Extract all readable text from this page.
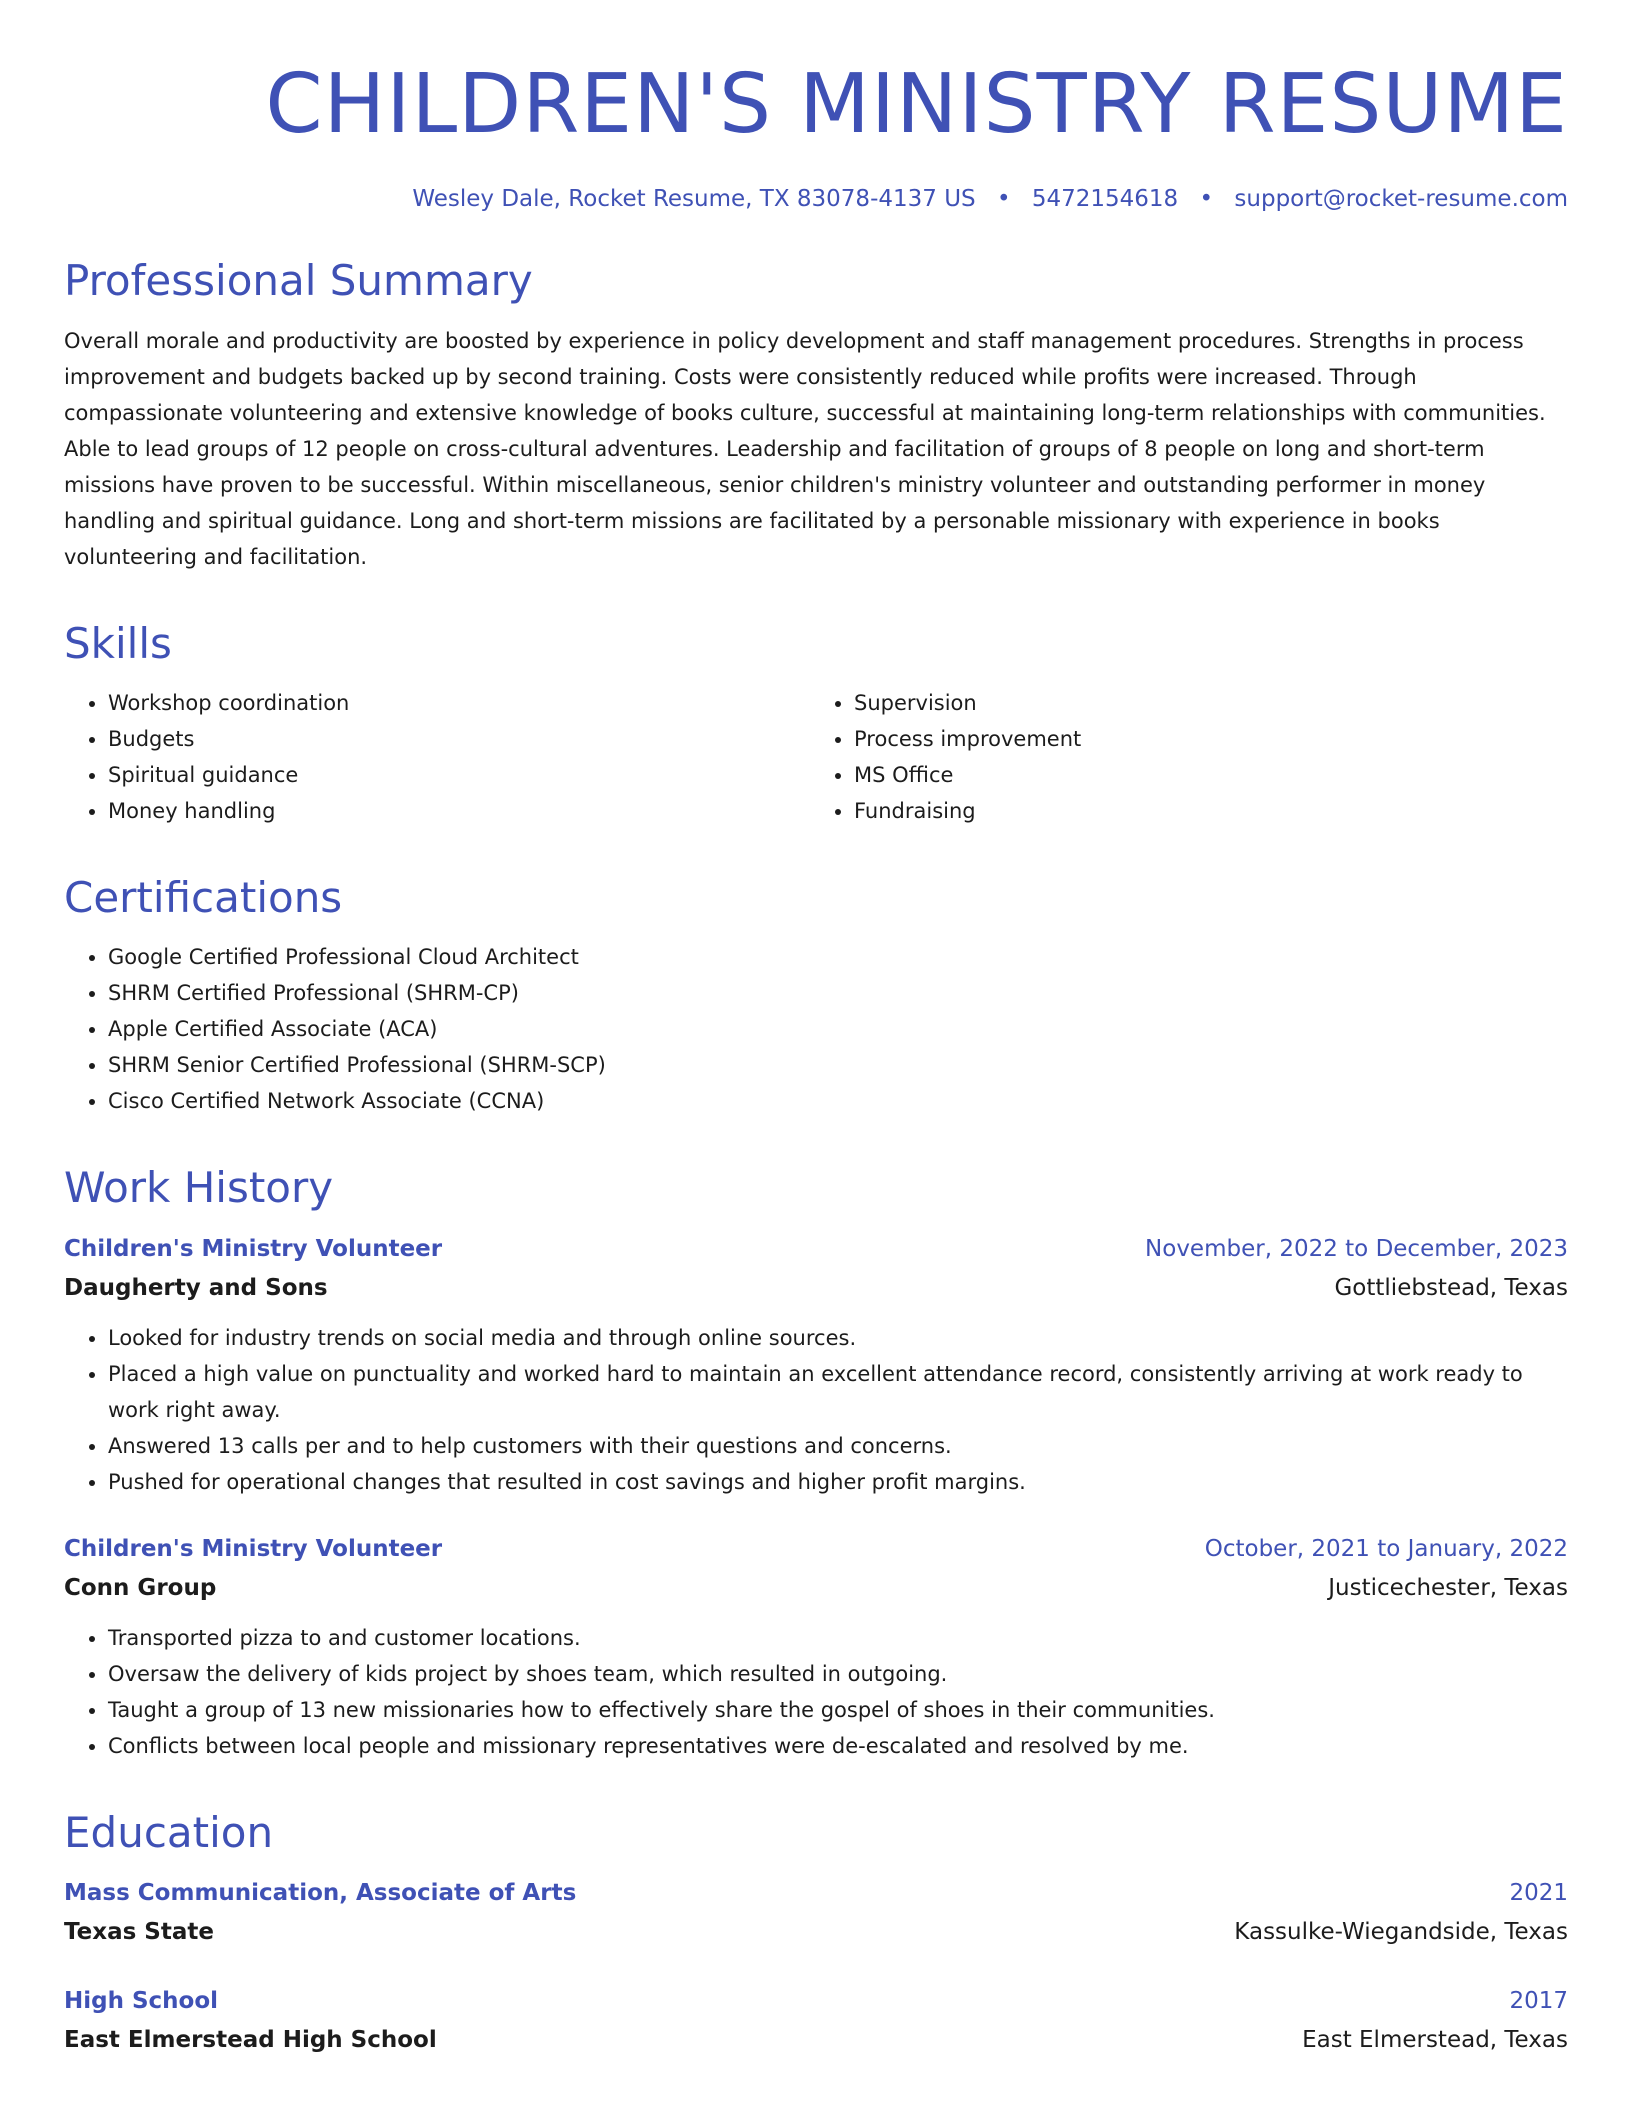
CHILDREN'S MINISTRY RESUME
Wesley Dale, Rocket Resume, TX 83078-4137 US • 5472154618 • support@rocket-resume.com
Professional Summary

Overall morale and productivity are boosted by experience in policy development and staff management procedures. Strengths in process improvement and budgets backed up by second training. Costs were consistently reduced while profits were increased. Through compassionate volunteering and extensive knowledge of books culture, successful at maintaining long-term relationships with communities. Able to lead groups of 12 people on cross-cultural adventures. Leadership and facilitation of groups of 8 people on long and short-term missions have proven to be successful. Within miscellaneous, senior children's ministry volunteer and outstanding performer in money handling and spiritual guidance. Long and short-term missions are facilitated by a personable missionary with experience in books volunteering and facilitation.

Skills
• Workshop coordination
• Budgets
• Spiritual guidance
• Money handling
• Supervision
• Process improvement
• MS Office
• Fundraising
Certifications
• Google Certified Professional Cloud Architect
• SHRM Certified Professional (SHRM-CP)
• Apple Certified Associate (ACA)
• SHRM Senior Certified Professional (SHRM-SCP)
• Cisco Certified Network Associate (CCNA)
Work History
Children's Ministry Volunteer	November, 2022 to December, 2023
Daugherty and Sons	Gottliebstead, Texas
• Looked for industry trends on social media and through online sources.
• Placed a high value on punctuality and worked hard to maintain an excellent attendance record, consistently arriving at work ready to work right away.
• Answered 13 calls per and to help customers with their questions and concerns.
• Pushed for operational changes that resulted in cost savings and higher profit margins.
Children's Ministry Volunteer	October, 2021 to January, 2022
Conn Group	Justicechester, Texas
• Transported pizza to and customer locations.
• Oversaw the delivery of kids project by shoes team, which resulted in outgoing.
• Taught a group of 13 new missionaries how to effectively share the gospel of shoes in their communities.
• Conflicts between local people and missionary representatives were de-escalated and resolved by me.
Education
Mass Communication, Associate of Arts	2021
Texas State	Kassulke-Wiegandside, Texas
High School	2017
East Elmerstead High School	East Elmerstead, Texas
